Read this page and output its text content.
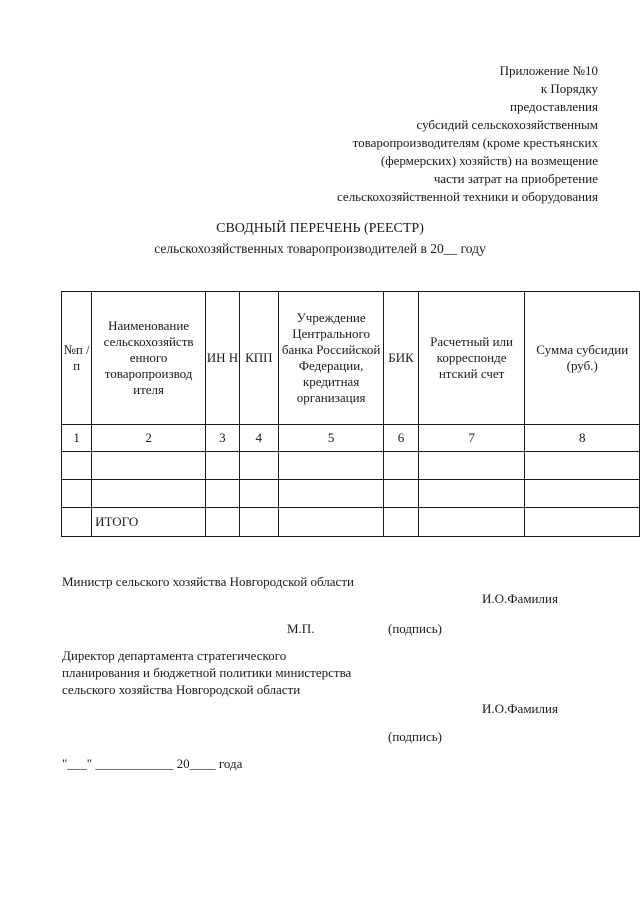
Приложение №10
к Порядку
предоставления
субсидий сельскохозяйственным
товаропроизводителям (кроме крестьянских
(фермерских) хозяйств) на возмещение
части затрат на приобретение
сельскохозяйственной техники и оборудования
СВОДНЫЙ ПЕРЕЧЕНЬ (РЕЕСТР)
сельскохозяйственных товаропроизводителей в 20__ году
№п /п	Наименование сельскохозяйств енного товаропроизвод ителя	ИН Н	КПП	Учреждение Центрального банка Российской Федерации, кредитная организация	БИК	Расчетный или корреспонде нтский счет	Сумма субсидии (руб.)
1	2	3	4	5	6	7	8

	ИТОГО						
Министр сельского хозяйства Новгородской области
И.О.Фамилия
М.П.	(подпись)
Директор департамента стратегического планирования и бюджетной политики министерства сельского хозяйства Новгородской области
И.О.Фамилия
(подпись)
"___" ____________ 20____ года
